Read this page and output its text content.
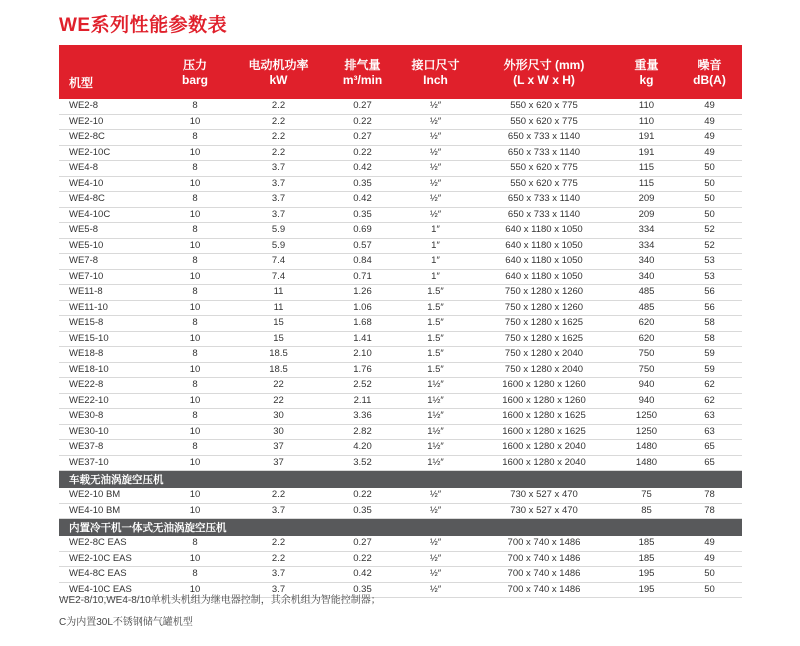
WE系列性能参数表
机型	压力	电动机功率	排气量	接口尺寸	外形尺寸 (mm)	重量	噪音
	barg	kW	m³/min	Inch	(L x W x H)	kg	dB(A)
WE2-8	8	2.2	0.27	½″	550 x 620 x 775	110	49
WE2-10	10	2.2	0.22	½″	550 x 620 x 775	110	49
WE2-8C	8	2.2	0.27	½″	650 x 733 x 1140	191	49
WE2-10C	10	2.2	0.22	½″	650 x 733 x 1140	191	49
WE4-8	8	3.7	0.42	½″	550 x 620 x 775	115	50
WE4-10	10	3.7	0.35	½″	550 x 620 x 775	115	50
WE4-8C	8	3.7	0.42	½″	650 x 733 x 1140	209	50
WE4-10C	10	3.7	0.35	½″	650 x 733 x 1140	209	50
WE5-8	8	5.9	0.69	1″	640 x 1180 x 1050	334	52
WE5-10	10	5.9	0.57	1″	640 x 1180 x 1050	334	52
WE7-8	8	7.4	0.84	1″	640 x 1180 x 1050	340	53
WE7-10	10	7.4	0.71	1″	640 x 1180 x 1050	340	53
WE11-8	8	11	1.26	1.5″	750 x 1280 x 1260	485	56
WE11-10	10	11	1.06	1.5″	750 x 1280 x 1260	485	56
WE15-8	8	15	1.68	1.5″	750 x 1280 x 1625	620	58
WE15-10	10	15	1.41	1.5″	750 x 1280 x 1625	620	58
WE18-8	8	18.5	2.10	1.5″	750 x 1280 x 2040	750	59
WE18-10	10	18.5	1.76	1.5″	750 x 1280 x 2040	750	59
WE22-8	8	22	2.52	1½″	1600 x 1280 x 1260	940	62
WE22-10	10	22	2.11	1½″	1600 x 1280 x 1260	940	62
WE30-8	8	30	3.36	1½″	1600 x 1280 x 1625	1250	63
WE30-10	10	30	2.82	1½″	1600 x 1280 x 1625	1250	63
WE37-8	8	37	4.20	1½″	1600 x 1280 x 2040	1480	65
WE37-10	10	37	3.52	1½″	1600 x 1280 x 2040	1480	65
车载无油涡旋空压机							
WE2-10 BM	10	2.2	0.22	½″	730 x 527 x 470	75	78
WE4-10 BM	10	3.7	0.35	½″	730 x 527 x 470	85	78
内置冷干机一体式无油涡旋空压机							
WE2-8C EAS	8	2.2	0.27	½″	700 x 740 x 1486	185	49
WE2-10C EAS	10	2.2	0.22	½″	700 x 740 x 1486	185	49
WE4-8C EAS	8	3.7	0.42	½″	700 x 740 x 1486	195	50
WE4-10C EAS	10	3.7	0.35	½″	700 x 740 x 1486	195	50
WE2-8/10,WE4-8/10单机头机组为继电器控制，其余机组为智能控制器；
C为内置30L不锈钢储气罐机型
